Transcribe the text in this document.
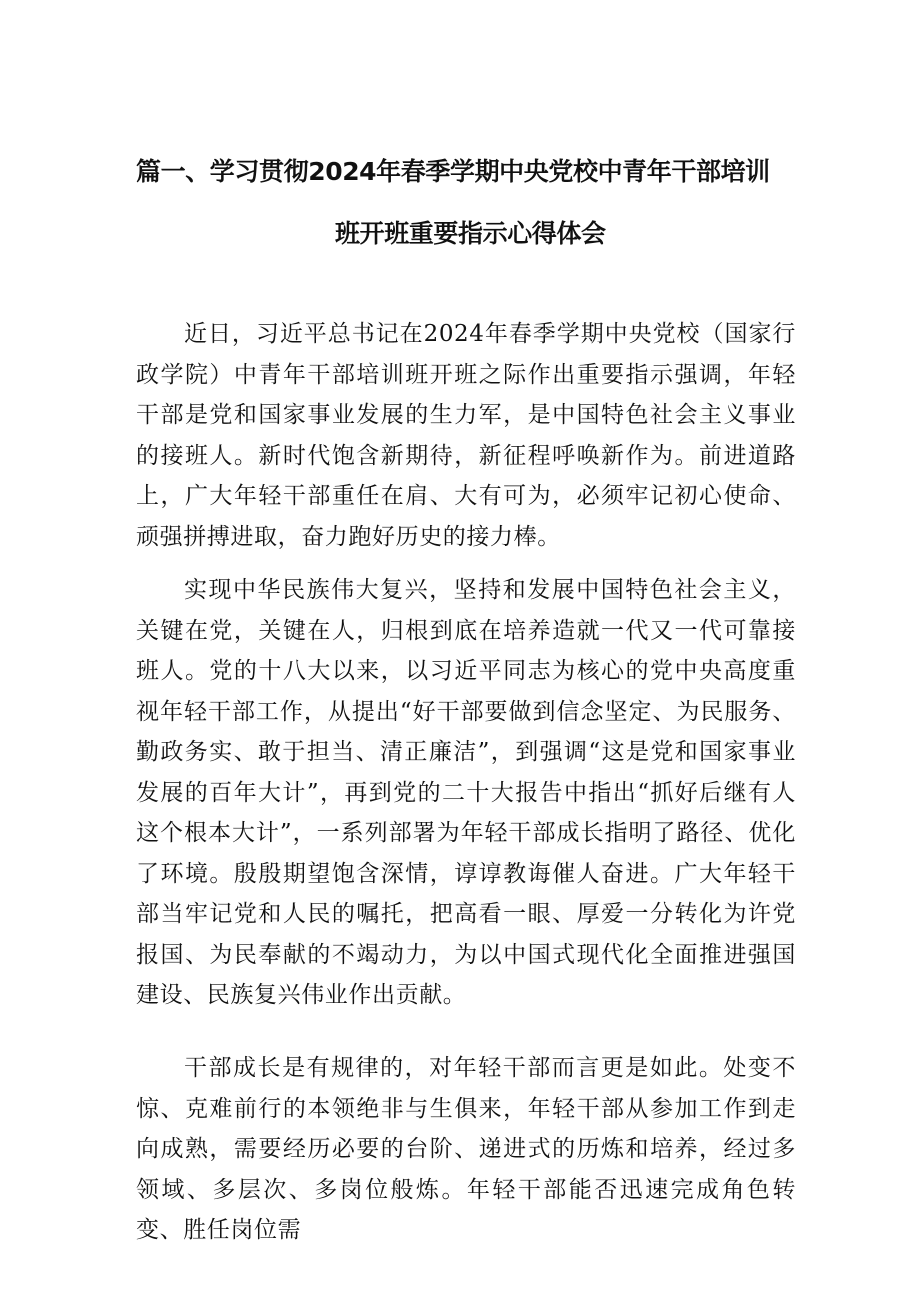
篇一、学习贯彻2024年春季学期中央党校中青年干部培训
班开班重要指示心得体会

近日，习近平总书记在2024年春季学期中央党校（国家行政学院）中青年干部培训班开班之际作出重要指示强调，年轻干部是党和国家事业发展的生力军，是中国特色社会主义事业的接班人。新时代饱含新期待，新征程呼唤新作为。前进道路上，广大年轻干部重任在肩、大有可为，必须牢记初心使命、顽强拼搏进取，奋力跑好历史的接力棒。

实现中华民族伟大复兴，坚持和发展中国特色社会主义，关键在党，关键在人，归根到底在培养造就一代又一代可靠接班人。党的十八大以来，以习近平同志为核心的党中央高度重视年轻干部工作，从提出“好干部要做到信念坚定、为民服务、勤政务实、敢于担当、清正廉洁”，到强调“这是党和国家事业发展的百年大计”，再到党的二十大报告中指出“抓好后继有人这个根本大计”，一系列部署为年轻干部成长指明了路径、优化了环境。殷殷期望饱含深情，谆谆教诲催人奋进。广大年轻干部当牢记党和人民的嘱托，把高看一眼、厚爱一分转化为许党报国、为民奉献的不竭动力，为以中国式现代化全面推进强国建设、民族复兴伟业作出贡献。

干部成长是有规律的，对年轻干部而言更是如此。处变不惊、克难前行的本领绝非与生俱来，年轻干部从参加工作到走向成熟，需要经历必要的台阶、递进式的历炼和培养，经过多领域、多层次、多岗位般炼。年轻干部能否迅速完成角色转变、胜任岗位需
